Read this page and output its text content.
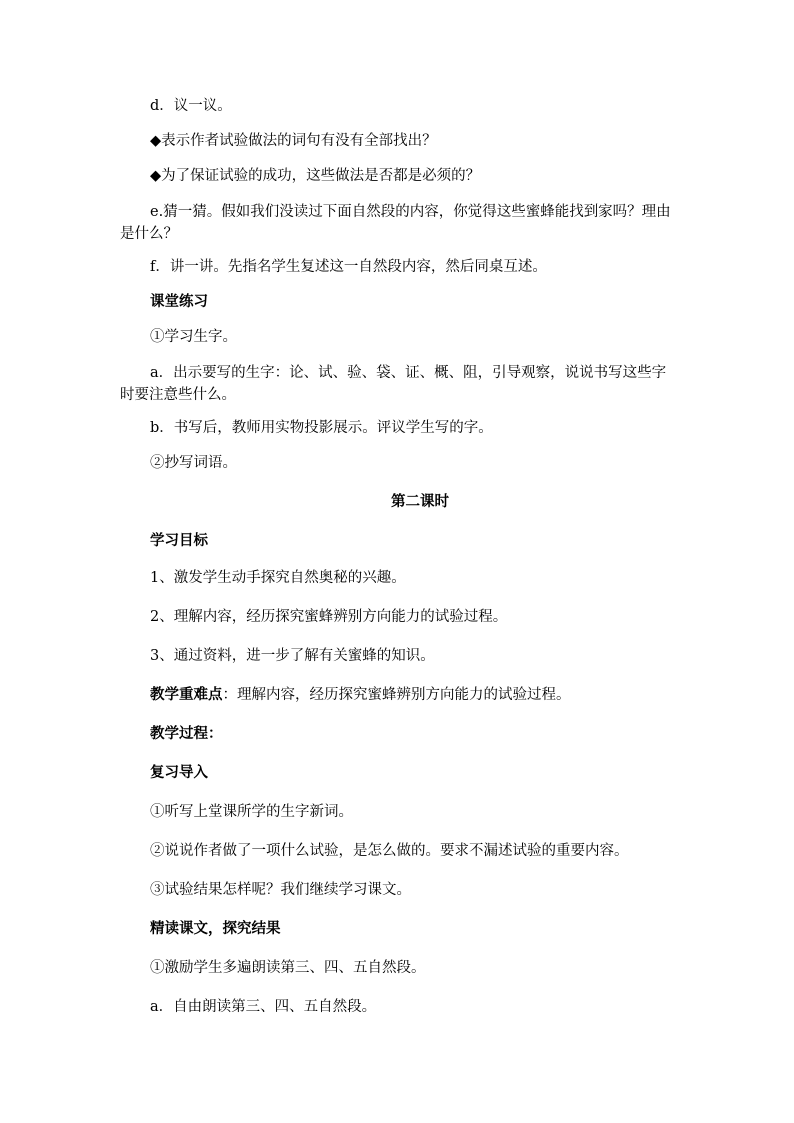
d．议一议。
◆表示作者试验做法的词句有没有全部找出？
◆为了保证试验的成功，这些做法是否都是必须的？
e.猜一猜。假如我们没读过下面自然段的内容，你觉得这些蜜蜂能找到家吗？理由是什么？
f．讲一讲。先指名学生复述这一自然段内容，然后同桌互述。
课堂练习
①学习生字。
a．出示要写的生字：论、试、验、袋、证、概、阻，引导观察，说说书写这些字时要注意些什么。
b．书写后，教师用实物投影展示。评议学生写的字。
②抄写词语。
第二课时
学习目标
1、激发学生动手探究自然奥秘的兴趣。
2、理解内容，经历探究蜜蜂辨别方向能力的试验过程。
3、通过资料，进一步了解有关蜜蜂的知识。
教学重难点：理解内容，经历探究蜜蜂辨别方向能力的试验过程。
教学过程：
复习导入
①听写上堂课所学的生字新词。
②说说作者做了一项什么试验，是怎么做的。要求不漏述试验的重要内容。
③试验结果怎样呢？我们继续学习课文。
精读课文，探究结果
①激励学生多遍朗读第三、四、五自然段。
a．自由朗读第三、四、五自然段。
